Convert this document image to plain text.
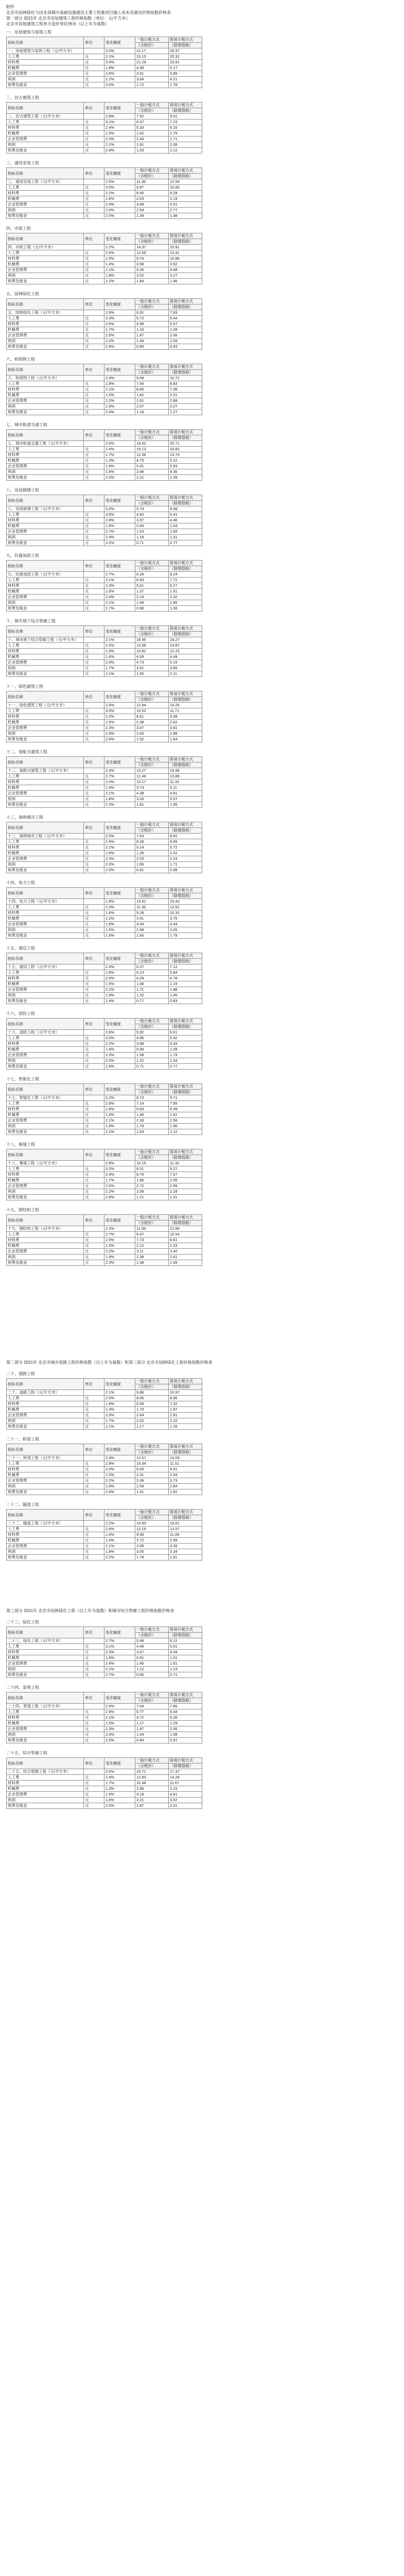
附件

北京市园林绿化与技术部城市基础设施建设主要工程量项目施工成本及建设价格指数价格表

第一部分 2021年 北京市房屋建筑工程价格指数（单位：元/平方米）

北京市房屋建筑工程单方造价变化情况（以上年为基数）

一、房屋建筑与装饰工程

指标名称	单位	变化幅度	一般计税方式	简易计税方式
			（含税价）	（除增值税）
一、房屋建筑与装饰工程（元/平方米）		3.0%	21.17	26.37
人工费	元	2.1%	23.15	25.32
材料费	元	3.4%	21.29	23.91
机械费	元	1.8%	4.38	5.17
企业管理费	元	2.6%	3.51	3.99
利润	元	2.2%	3.64	4.21
规费及税金	元	3.0%	1.72	1.78

二、仿古建筑工程

指标名称	单位	变化幅度	一般计税方式	简易计税方式
			（含税价）	（除增值税）
二、仿古建筑工程（元/平方米）		2.8%	7.92	9.01
人工费	元	3.1%	6.47	7.23
材料费	元	2.4%	5.33	6.16
机械费	元	1.9%	1.62	1.79
企业管理费	元	2.3%	2.44	2.71
利润	元	2.1%	1.91	2.08
规费及税金	元	2.8%	1.03	1.12

三、通用安装工程

指标名称	单位	变化幅度	一般计税方式	简易计税方式
			（含税价）	（除增值税）
三、通用安装工程（元/平方米）		2.5%	11.36	12.58
人工费	元	3.0%	9.87	10.66
材料费	元	2.2%	8.45	9.29
机械费	元	1.6%	2.03	2.19
企业管理费	元	2.4%	3.68	4.01
利润	元	2.0%	2.54	2.77
规费及税金	元	2.5%	1.39	1.48

四、市政工程

指标名称	单位	变化幅度	一般计税方式	简易计税方式
			（含税价）	（除增值税）
四、市政工程（元/平方米）		2.2%	14.37	15.91
人工费	元	2.6%	12.06	13.41
材料费	元	1.9%	9.74	10.86
机械费	元	1.4%	3.58	3.92
企业管理费	元	2.1%	4.26	4.68
利润	元	1.8%	3.02	3.27
规费及税金	元	2.2%	1.84	1.96

五、园林绿化工程

指标名称	单位	变化幅度	一般计税方式	简易计税方式
			（含税价）	（除增值税）
五、园林绿化工程（元/平方米）		2.9%	6.91	7.83
人工费	元	3.3%	5.72	6.44
材料费	元	2.6%	4.98	5.57
机械费	元	1.7%	1.16	1.28
企业管理费	元	2.5%	1.87	2.06
利润	元	2.2%	1.44	1.59
规费及税金	元	2.9%	0.85	0.93

六、构筑物工程

指标名称	单位	变化幅度	一般计税方式	简易计税方式
			（含税价）	（除增值税）
六、构筑物工程（元/平方米）		2.4%	9.58	10.72
人工费	元	2.8%	7.94	8.83
材料费	元	2.1%	6.65	7.38
机械费	元	1.5%	1.82	2.01
企业管理费	元	2.2%	2.61	2.88
利润	元	1.9%	2.07	2.27
规费及税金	元	2.4%	1.18	1.27

七、城市轨道交通工程

指标名称	单位	变化幅度	一般计税方式	简易计税方式
			（含税价）	（除增值税）
七、城市轨道交通工程（元/平方米）		2.0%	18.62	20.71
人工费	元	2.4%	15.13	16.82
材料费	元	1.7%	12.36	13.74
机械费	元	1.3%	4.75	5.22
企业管理费	元	1.9%	5.41	5.93
利润	元	1.6%	3.98	4.36
规费及税金	元	2.0%	2.21	2.39

八、房屋修缮工程

指标名称	单位	变化幅度	一般计税方式	简易计税方式
			（含税价）	（除增值税）
八、房屋修缮工程（元/平方米）		3.2%	5.74	6.48
人工费	元	3.6%	4.82	5.41
材料费	元	2.8%	3.97	4.46
机械费	元	1.9%	0.94	1.04
企业管理费	元	2.7%	1.53	1.69
利润	元	2.4%	1.18	1.31
规费及税金	元	3.2%	0.71	0.77

九、抗震加固工程

指标名称	单位	变化幅度	一般计税方式	简易计税方式
			（含税价）	（除增值税）
九、抗震加固工程（元/平方米）		2.7%	8.26	9.24
人工费	元	3.1%	6.93	7.72
材料费	元	2.3%	5.61	6.27
机械费	元	1.6%	1.37	1.51
企业管理费	元	2.4%	2.19	2.42
利润	元	2.1%	1.68	1.85
规费及税金	元	2.7%	0.98	1.06

十、城市地下综合管廊工程

指标名称	单位	变化幅度	一般计税方式	简易计税方式
			（含税价）	（除增值税）
十、城市地下综合管廊工程（元/平方米）		2.1%	16.45	18.27
人工费	元	2.5%	13.38	14.87
材料费	元	1.8%	10.92	12.15
机械费	元	1.4%	4.09	4.49
企业管理费	元	2.0%	4.73	5.19
利润	元	1.7%	3.51	3.85
规费及税金	元	2.1%	1.95	2.11

十一、绿色建筑工程

指标名称	单位	变化幅度	一般计税方式	简易计税方式
			（含税价）	（除增值税）
十一、绿色建筑工程（元/平方米）		2.6%	12.84	14.29
人工费	元	3.0%	10.52	11.71
材料费	元	2.2%	8.61	9.58
机械费	元	1.5%	2.38	2.62
企业管理费	元	2.3%	3.47	3.81
利润	元	2.0%	2.63	2.88
规费及税金	元	2.6%	1.52	1.64

十二、装配式建筑工程

指标名称	单位	变化幅度	一般计税方式	简易计税方式
			（含税价）	（除增值税）
十二、装配式建筑工程（元/平方米）		2.3%	15.27	16.98
人工费	元	2.7%	12.48	13.89
材料费	元	2.0%	10.17	11.32
机械费	元	1.4%	3.74	4.11
企业管理费	元	2.1%	4.38	4.81
利润	元	1.8%	3.26	3.57
规费及税金	元	2.3%	1.81	1.95

十三、海绵城市工程

指标名称	单位	变化幅度	一般计税方式	简易计税方式
			（含税价）	（除增值税）
十三、海绵城市工程（元/平方米）		2.5%	7.63	8.52
人工费	元	2.9%	6.28	6.99
材料费	元	2.1%	5.14	5.72
机械费	元	1.6%	1.28	1.41
企业管理费	元	2.3%	2.03	2.24
利润	元	2.0%	1.56	1.71
规费及税金	元	2.5%	0.91	0.98

十四、电力工程

指标名称	单位	变化幅度	一般计税方式	简易计税方式
			（含税价）	（除增值税）
十四、电力工程（元/平方米）		1.9%	13.91	15.43
人工费	元	2.3%	11.36	12.62
材料费	元	1.6%	9.28	10.31
机械费	元	1.2%	3.41	3.75
企业管理费	元	1.8%	4.04	4.43
利润	元	1.5%	2.98	3.26
规费及税金	元	1.9%	1.66	1.79

十五、通信工程

指标名称	单位	变化幅度	一般计税方式	简易计税方式
			（含税价）	（除增值税）
十五、通信工程（元/平方米）		2.4%	6.37	7.12
人工费	元	2.8%	5.23	5.84
材料费	元	2.0%	4.29	4.78
机械费	元	1.5%	1.08	1.19
企业管理费	元	2.2%	1.71	1.88
利润	元	1.9%	1.32	1.45
规费及税金	元	2.4%	0.77	0.83

十六、消防工程

指标名称	单位	变化幅度	一般计税方式	简易计税方式
			（含税价）	（除增值税）
十六、消防工程（元/平方米）		2.6%	5.92	6.61
人工费	元	3.0%	4.86	5.42
材料费	元	2.2%	3.98	4.43
机械费	元	1.6%	0.99	1.09
企业管理费	元	2.3%	1.58	1.74
利润	元	2.0%	1.22	1.34
规费及税金	元	2.6%	0.71	0.77

十七、智能化工程

指标名称	单位	变化幅度	一般计税方式	简易计税方式
			（含税价）	（除增值税）
十七、智能化工程（元/平方米）		2.2%	8.73	9.71
人工费	元	2.6%	7.14	7.95
材料费	元	1.9%	5.83	6.49
机械费	元	1.4%	1.46	1.61
企业管理费	元	2.1%	2.33	2.56
利润	元	1.8%	1.79	1.96
规费及税金	元	2.2%	1.04	1.12

十八、幕墙工程

指标名称	单位	变化幅度	一般计税方式	简易计税方式
			（含税价）	（除增值税）
十八、幕墙工程（元/平方米）		2.8%	10.15	11.32
人工费	元	3.2%	8.31	9.27
材料费	元	2.4%	6.79	7.57
机械费	元	1.7%	1.86	2.05
企业管理费	元	2.5%	2.72	2.99
利润	元	2.2%	2.08	2.28
规费及税金	元	2.8%	1.21	1.31

十九、钢结构工程

指标名称	单位	变化幅度	一般计税方式	简易计税方式
			（含税价）	（除增值税）
十九、钢结构工程（元/平方米）		2.3%	11.58	12.89
人工费	元	2.7%	9.47	10.54
材料费	元	2.0%	7.73	8.61
机械费	元	1.5%	2.12	2.33
企业管理费	元	2.2%	3.11	3.42
利润	元	1.9%	2.38	2.61
规费及税金	元	2.3%	1.38	1.49

第二部分 2021年 北京市城市道路工程价格指数（以上年为基数）和第三部分 北京市园林绿化工程价格指数价格表

二十、道路工程

指标名称	单位	变化幅度	一般计税方式	简易计税方式
			（含税价）	（除增值税）
二十、道路工程（元/平方米）		2.1%	9.86	10.97
人工费	元	2.5%	8.05	8.96
材料费	元	1.8%	6.58	7.32
机械费	元	1.3%	1.79	1.97
企业管理费	元	2.0%	2.64	2.91
利润	元	1.7%	2.02	2.22
规费及税金	元	2.1%	1.17	1.26

二十一、桥梁工程

指标名称	单位	变化幅度	一般计税方式	简易计税方式
			（含税价）	（除增值税）
二十一、桥梁工程（元/平方米）		2.4%	12.67	14.09
人工费	元	2.8%	10.34	11.51
材料费	元	2.0%	8.45	9.41
机械费	元	1.5%	2.31	2.54
企业管理费	元	2.2%	3.39	3.73
利润	元	1.9%	2.59	2.84
规费及税金	元	2.4%	1.51	1.62

二十二、隧道工程

指标名称	单位	变化幅度	一般计税方式	简易计税方式
			（含税价）	（除增值税）
二十二、隧道工程（元/平方米）		2.2%	14.93	16.61
人工费	元	2.6%	12.19	13.57
材料费	元	1.9%	9.96	11.09
机械费	元	1.4%	2.72	2.99
企业管理费	元	2.1%	3.99	4.39
利润	元	1.8%	3.05	3.34
规费及税金	元	2.2%	1.78	1.91

第三部分 2021年 北京市园林绿化工程（以上年为基数）和城市综合管廊工程价格指数价格表

二十三、绿化工程

指标名称	单位	变化幅度	一般计税方式	简易计税方式
			（含税价）	（除增值税）
二十三、绿化工程（元/平方米）		2.7%	5.48	6.12
人工费	元	3.1%	4.49	5.01
材料费	元	2.3%	3.67	4.09
机械费	元	1.6%	0.91	1.01
企业管理费	元	2.4%	1.46	1.61
利润	元	2.1%	1.12	1.23
规费及税金	元	2.7%	0.66	0.71

二十四、景观工程

指标名称	单位	变化幅度	一般计税方式	简易计税方式
			（含税价）	（除增值税）
二十四、景观工程（元/平方米）		2.5%	7.04	7.86
人工费	元	2.9%	5.77	6.44
材料费	元	2.1%	4.72	5.26
机械费	元	1.5%	1.17	1.29
企业管理费	元	2.3%	1.87	2.06
利润	元	2.0%	1.44	1.58
规费及税金	元	2.5%	0.84	0.91

二十五、综合管廊工程

指标名称	单位	变化幅度	一般计税方式	简易计税方式
			（含税价）	（除增值税）
二十五、综合管廊工程（元/平方米）		2.0%	15.71	17.47
人工费	元	2.4%	12.83	14.28
材料费	元	1.7%	10.48	11.67
机械费	元	1.3%	2.86	3.15
企业管理费	元	1.9%	4.19	4.61
利润	元	1.6%	3.21	3.52
规费及税金	元	2.0%	1.87	2.01
